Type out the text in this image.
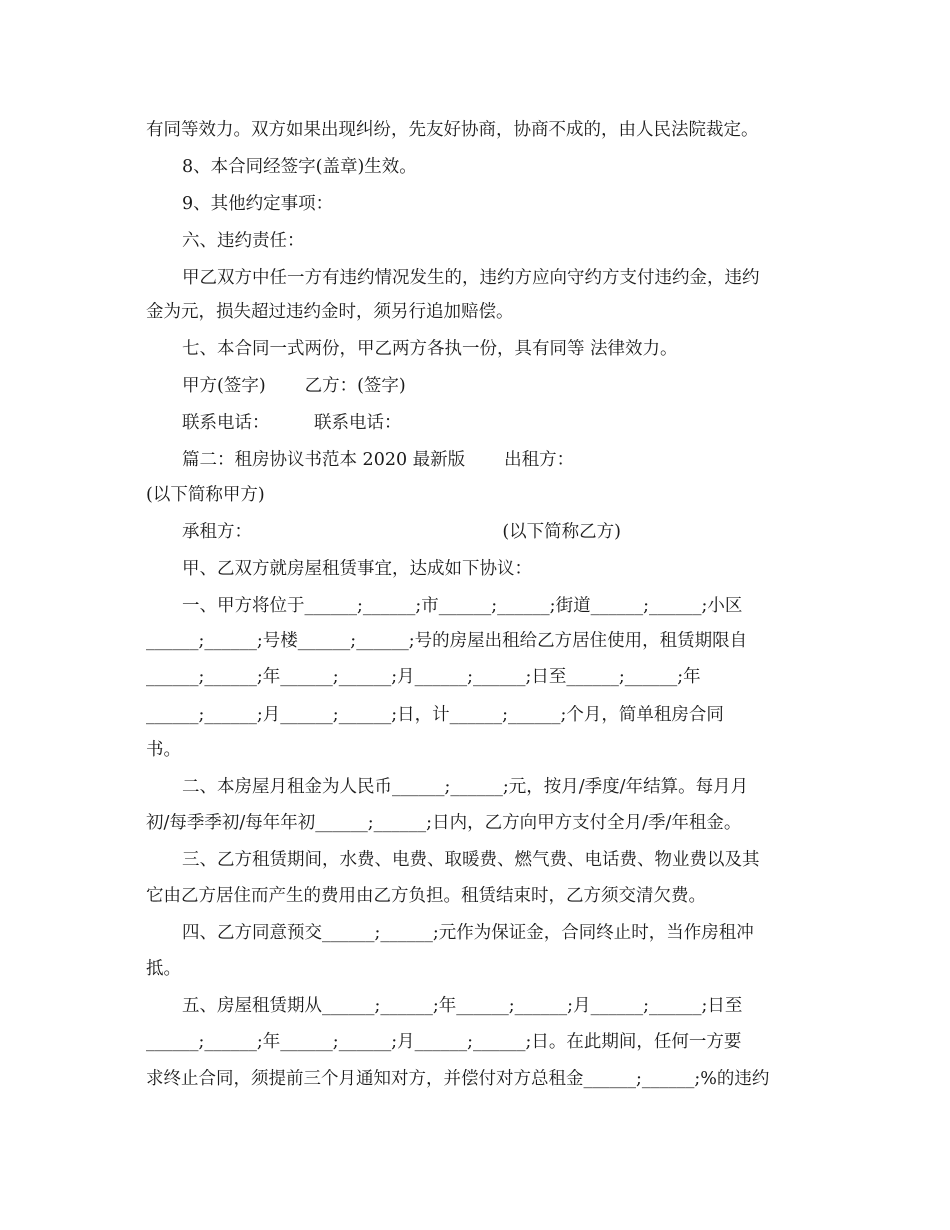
有同等效力。双方如果出现纠纷，先友好协商，协商不成的，由人民法院裁定。
8、本合同经签字(盖章)生效。
9、其他约定事项：
六、违约责任：
甲乙双方中任一方有违约情况发生的，违约方应向守约方支付违约金，违约
金为元，损失超过违约金时，须另行追加赔偿。
七、本合同一式两份，甲乙两方各执一份，具有同等 法律效力。
甲方(签字)       乙方：(签字)
联系电话：        联系电话：
篇二：租房协议书范本 2020 最新版       出租方：
(以下简称甲方)
承租方：                                             (以下简称乙方)
甲、乙双方就房屋租赁事宜，达成如下协议：
一、甲方将位于______;______;市______;______;街道______;______;小区
______;______;号楼______;______;号的房屋出租给乙方居住使用，租赁期限自
______;______;年______;______;月______;______;日至______;______;年
______;______;月______;______;日，计______;______;个月，简单租房合同
书。
二、本房屋月租金为人民币______;______;元，按月/季度/年结算。每月月
初/每季季初/每年年初______;______;日内，乙方向甲方支付全月/季/年租金。
三、乙方租赁期间，水费、电费、取暖费、燃气费、电话费、物业费以及其
它由乙方居住而产生的费用由乙方负担。租赁结束时，乙方须交清欠费。
四、乙方同意预交______;______;元作为保证金，合同终止时，当作房租冲
抵。
五、房屋租赁期从______;______;年______;______;月______;______;日至
______;______;年______;______;月______;______;日。在此期间，任何一方要
求终止合同，须提前三个月通知对方，并偿付对方总租金______;______;%的违约
